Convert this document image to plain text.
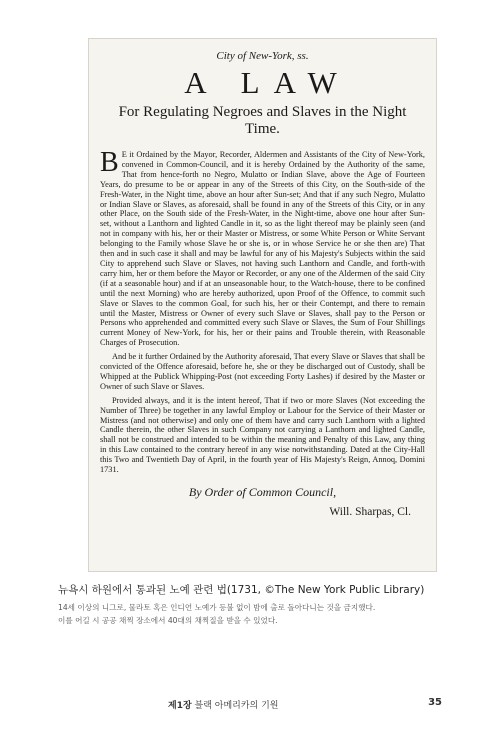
City of New-York, ss.
A LAW
For Regulating Negroes and Slaves in the Night Time.
B E it Ordained by the Mayor, Recorder, Aldermen and Assistants of the City of New-York, convened in Common-Council, and it is hereby Ordained by the Authority of the same, That from hence-forth no Negro, Mulatto or Indian Slave, above the Age of Fourteen Years, do presume to be or appear in any of the Streets of this City, on the South-side of the Fresh-Water, in the Night time, above an hour after Sun-set; And that if any such Negro, Mulatto or Indian Slave or Slaves, as aforesaid, shall be found in any of the Streets of this City, or in any other Place, on the South side of the Fresh-Water, in the Night-time, above one hour after Sun-set, without a Lanthorn and lighted Candle in it, so as the light thereof may be plainly seen (and not in company with his, her or their Master or Mistress, or some White Person or White Servant belonging to the Family whose Slave he or she is, or in whose Service he or she then are) That then and in such case it shall and may be lawful for any of his Majesty's Subjects within the said City to apprehend such Slave or Slaves, not having such Lanthorn and Candle, and forth-with carry him, her or them before the Mayor or Recorder, or any one of the Aldermen of the said City (if at a seasonable hour) and if at an unseasonable hour, to the Watch-house, there to be confined until the next Morning) who are hereby authorized, upon Proof of the Offence, to commit such Slave or Slaves to the common Goal, for such his, her or their Contempt, and there to remain until the Master, Mistress or Owner of every such Slave or Slaves, shall pay to the Person or Persons who apprehended and committed every such Slave or Slaves, the Sum of Four Shillings current Money of New-York, for his, her or their pains and Trouble therein, with Reasonable Charges of Prosecution.
And be it further Ordained by the Authority aforesaid, That every Slave or Slaves that shall be convicted of the Offence aforesaid, before he, she or they be discharged out of Custody, shall be Whipped at the Publick Whipping-Post (not exceeding Forty Lashes) if desired by the Master or Owner of such Slave or Slaves.
Provided always, and it is the intent hereof, That if two or more Slaves (Not exceeding the Number of Three) be together in any lawful Employ or Labour for the Service of their Master or Mistress (and not otherwise) and only one of them have and carry such Lanthorn with a lighted Candle therein, the other Slaves in such Company not carrying a Lanthorn and lighted Candle, shall not be construed and intended to be within the meaning and Penalty of this Law, any thing in this Law contained to the contrary hereof in any wise notwithstanding. Dated at the City-Hall this Two and Twentieth Day of April, in the fourth year of His Majesty's Reign, Annoq, Domini 1731.
By Order of Common Council,
Will. Sharpas, Cl.
뉴욕시 하원에서 통과된 노예 관련 법(1731, ©The New York Public Library)
14세 이상의 니그로, 물라토 혹은 인디언 노예가 등불 없이 밤에 출로 돌아다니는 것을 금지했다.
이를 어길 시 공공 채찍 장소에서 40대의 채찍질을 받을 수 있었다.
제1장 블랙 아메리카의 기원	35
